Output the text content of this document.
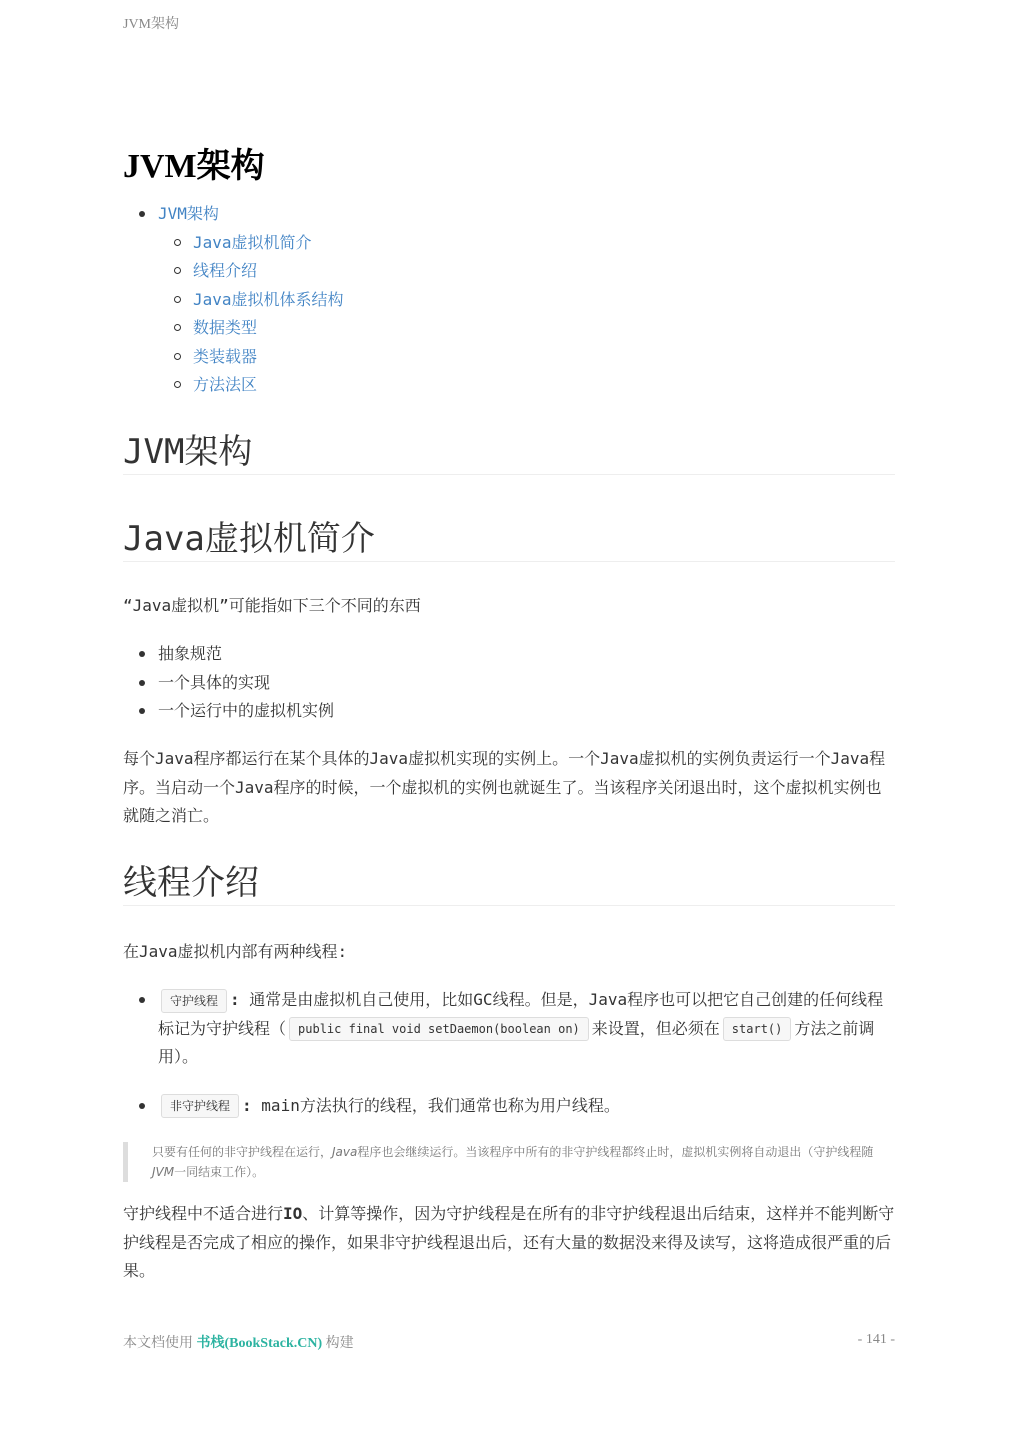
JVM架构
JVM架构
JVM架构
Java虚拟机简介
线程介绍
Java虚拟机体系结构
数据类型
类装载器
方法法区
JVM架构
Java虚拟机简介

“Java虚拟机”可能指如下三个不同的东西

抽象规范
一个具体的实现
一个运行中的虚拟机实例

每个Java程序都运行在某个具体的Java虚拟机实现的实例上。一个Java虚拟机的实例负责运行一个Java程序。当启动一个Java程序的时候，一个虚拟机的实例也就诞生了。当该程序关闭退出时，这个虚拟机实例也就随之消亡。

线程介绍

在Java虚拟机内部有两种线程:

守护线程 : 通常是由虚拟机自己使用，比如GC线程。但是，Java程序也可以把它自己创建的任何线程标记为守护线程（ public final void setDaemon(boolean on) 来设置，但必须在 start() 方法之前调用）。
非守护线程 : main方法执行的线程，我们通常也称为用户线程。
只要有任何的非守护线程在运行，Java程序也会继续运行。当该程序中所有的非守护线程都终止时，虚拟机实例将自动退出（守护线程随JVM一同结束工作）。

守护线程中不适合进行IO、计算等操作，因为守护线程是在所有的非守护线程退出后结束，这样并不能判断守护线程是否完成了相应的操作，如果非守护线程退出后，还有大量的数据没来得及读写，这将造成很严重的后果。

本文档使用 书栈(BookStack.CN) 构建	- 141 -
